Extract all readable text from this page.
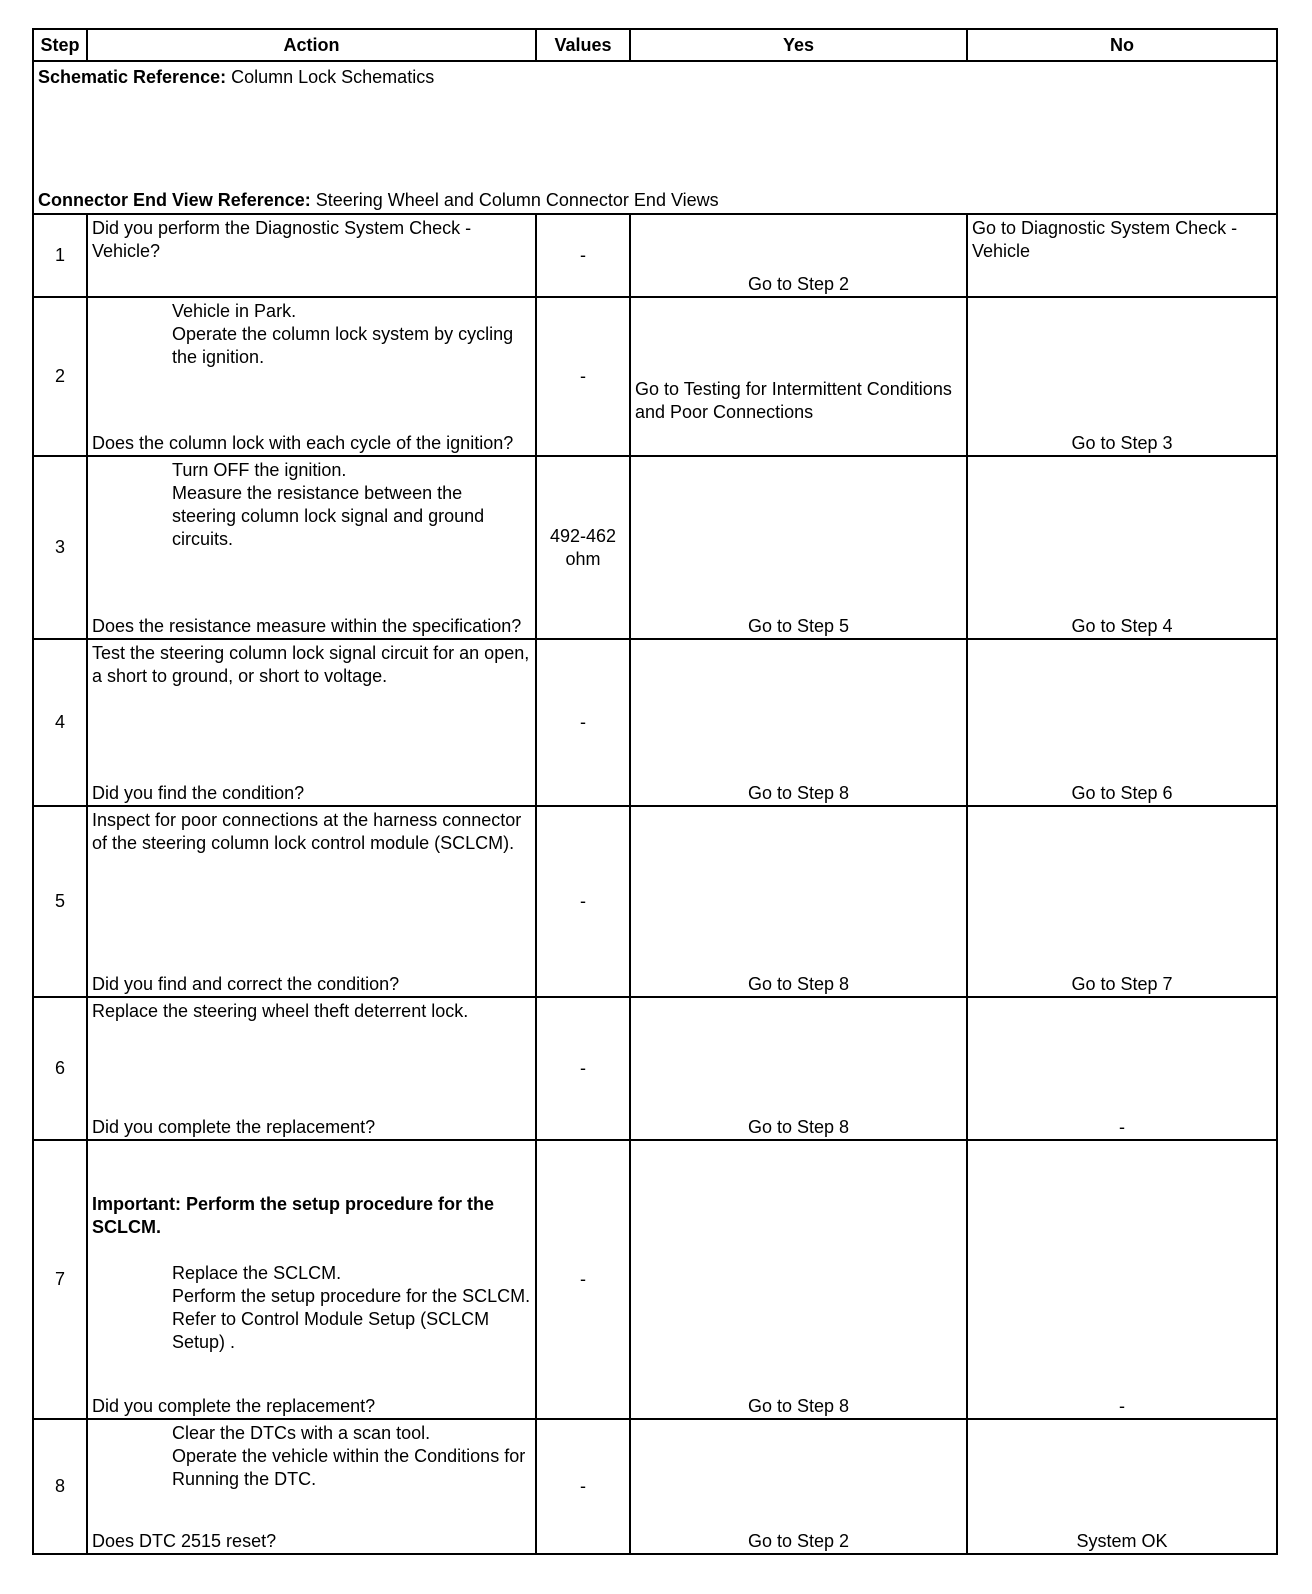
Step	Action	Values	Yes	No

Schematic Reference: Column Lock Schematics
Connector End View Reference: Steering Wheel and Column Connector End Views				

1	Did you perform the Diagnostic System Check - Vehicle?	-	Go to Step 2	Go to Diagnostic System Check - Vehicle

2	Vehicle in Park.
Operate the column lock system by cycling the ignition.
Does the column lock with each cycle of the ignition?	-	Go to Testing for Intermittent Conditions and Poor Connections	Go to Step 3

3	Turn OFF the ignition.
Measure the resistance between the steering column lock signal and ground circuits.
Does the resistance measure within the specification?	492-462 ohm	Go to Step 5	Go to Step 4

4	Test the steering column lock signal circuit for an open, a short to ground, or short to voltage.
Did you find the condition?	-	Go to Step 8	Go to Step 6

5	Inspect for poor connections at the harness connector of the steering column lock control module (SCLCM).
Did you find and correct the condition?	-	Go to Step 8	Go to Step 7

6	Replace the steering wheel theft deterrent lock.
Did you complete the replacement?	-	Go to Step 8	-

7	Important: Perform the setup procedure for the SCLCM.
Replace the SCLCM.
Perform the setup procedure for the SCLCM. Refer to Control Module Setup (SCLCM Setup) .
Did you complete the replacement?	-	Go to Step 8	-

8	Clear the DTCs with a scan tool.
Operate the vehicle within the Conditions for Running the DTC.
Does DTC 2515 reset?	-	Go to Step 2	System OK
